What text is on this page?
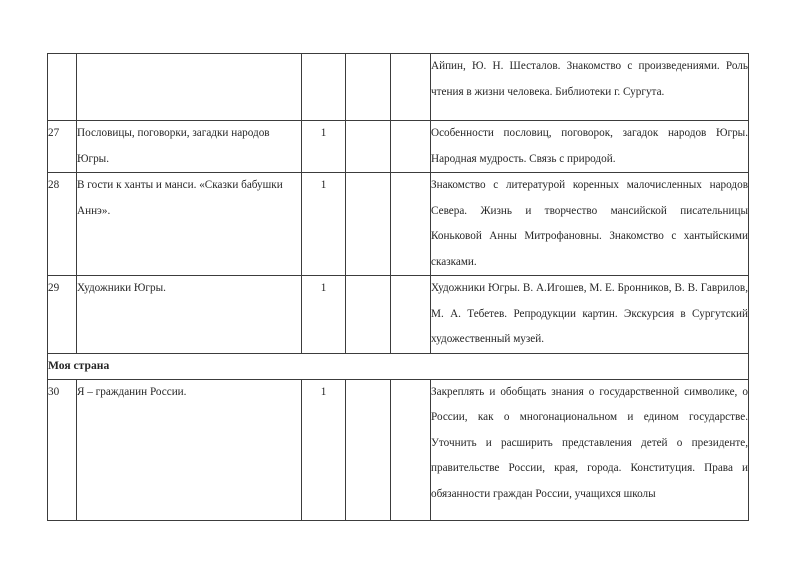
					Айпин, Ю. Н. Шесталов. Знакомство с произведениями. Роль чтения в жизни человека. Библиотеки г. Сургута.
27	Пословицы, поговорки, загадки народов Югры.	1			Особенности пословиц, поговорок, загадок народов Югры. Народная мудрость. Связь с природой.
28	В гости к ханты и манси. «Сказки бабушки Аннэ».	1			Знакомство с литературой коренных малочисленных народов Севера. Жизнь и творчество мансийской писательницы Коньковой Анны Митрофановны. Знакомство с хантыйскими сказками.
29	Художники Югры.	1			Художники Югры. В. А.Игошев, М. Е. Бронников, В. В. Гаврилов, М. А. Тебетев. Репродукции картин. Экскурсия в Сургутский художественный музей.
Моя страна					
30	Я – гражданин России.	1			Закреплять и обобщать знания о государственной символике, о России, как о многонациональном и едином государстве. Уточнить и расширить представления детей о президенте, правительстве России, края, города. Конституция. Права и обязанности граждан России, учащихся школы
